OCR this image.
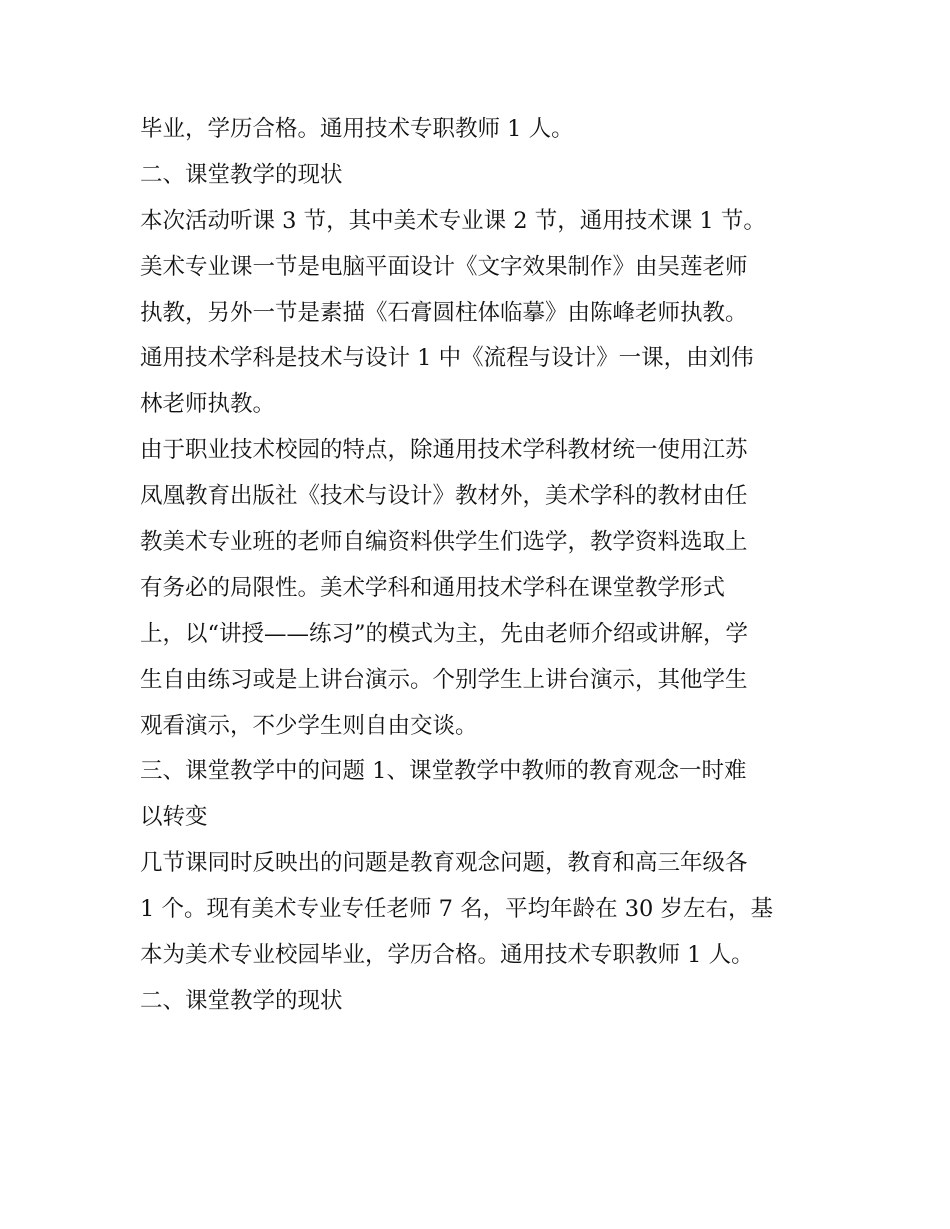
毕业，学历合格。通用技术专职教师 1 人。
二、课堂教学的现状
本次活动听课 3 节，其中美术专业课 2 节，通用技术课 1 节。
美术专业课一节是电脑平面设计《文字效果制作》由吴莲老师
执教，另外一节是素描《石膏圆柱体临摹》由陈峰老师执教。
通用技术学科是技术与设计 1 中《流程与设计》一课，由刘伟
林老师执教。
由于职业技术校园的特点，除通用技术学科教材统一使用江苏
凤凰教育出版社《技术与设计》教材外，美术学科的教材由任
教美术专业班的老师自编资料供学生们选学，教学资料选取上
有务必的局限性。美术学科和通用技术学科在课堂教学形式
上，以“讲授——练习”的模式为主，先由老师介绍或讲解，学
生自由练习或是上讲台演示。个别学生上讲台演示，其他学生
观看演示，不少学生则自由交谈。
三、课堂教学中的问题 1、课堂教学中教师的教育观念一时难
以转变
几节课同时反映出的问题是教育观念问题，教育和高三年级各
1 个。现有美术专业专任老师 7 名，平均年龄在 30 岁左右，基
本为美术专业校园毕业，学历合格。通用技术专职教师 1 人。
二、课堂教学的现状
